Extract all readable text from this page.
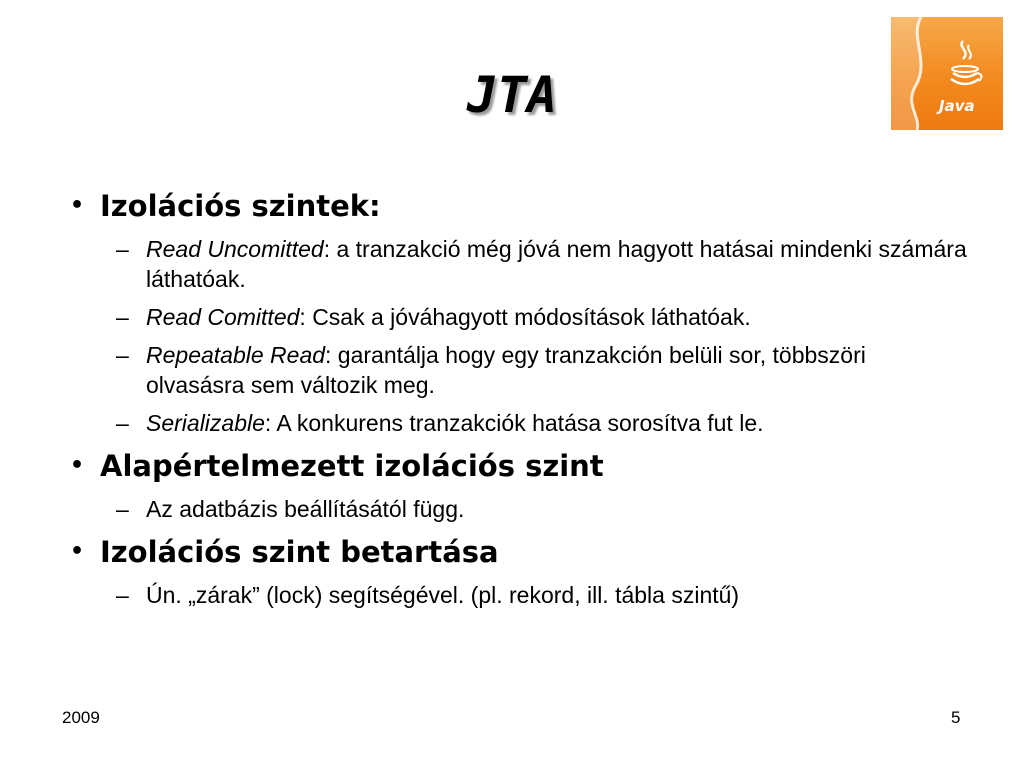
JTA	Java
• Izolációs szintek:
– Read Uncomitted: a tranzakció még jóvá nem hagyott hatásai mindenki számára láthatóak.
– Read Comitted: Csak a jóváhagyott módosítások láthatóak.
– Repeatable Read: garantálja hogy egy tranzakción belüli sor, többszöri olvasásra sem változik meg.
– Serializable: A konkurens tranzakciók hatása sorosítva fut le.
• Alapértelmezett izolációs szint
– Az adatbázis beállításától függ.
• Izolációs szint betartása
– Ún. „zárak” (lock) segítségével. (pl. rekord, ill. tábla szintű)
2009	5
